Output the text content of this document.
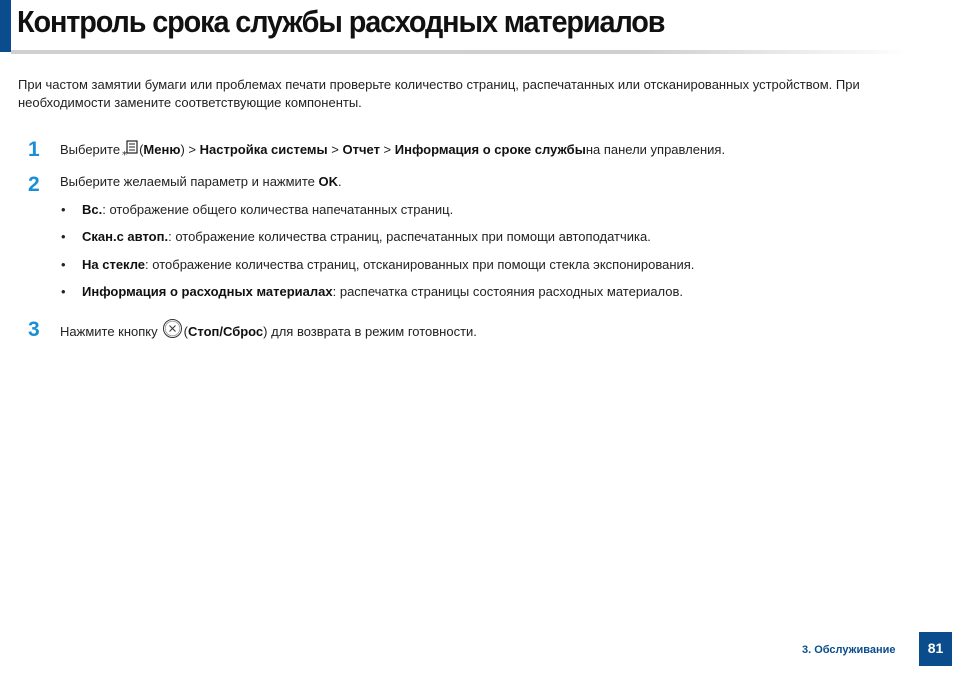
Контроль срока службы расходных материалов

При частом замятии бумаги или проблемах печати проверьте количество страниц, распечатанных или отсканированных устройством. При необходимости замените соответствующие компоненты.

1 Выберите * (Меню) > Настройка системы > Отчет > Информация о сроке службына панели управления.
2 Выберите желаемый параметр и нажмите OK.
• Вс.: отображение общего количества напечатанных страниц.
• Скан.с автоп.: отображение количества страниц, распечатанных при помощи автоподатчика.
• На стекле: отображение количества страниц, отсканированных при помощи стекла экспонирования.
• Информация о расходных материалах: распечатка страницы состояния расходных материалов.
3 Нажмите кнопку (Стоп/Сброс) для возврата в режим готовности.
3. Обслуживание	81
